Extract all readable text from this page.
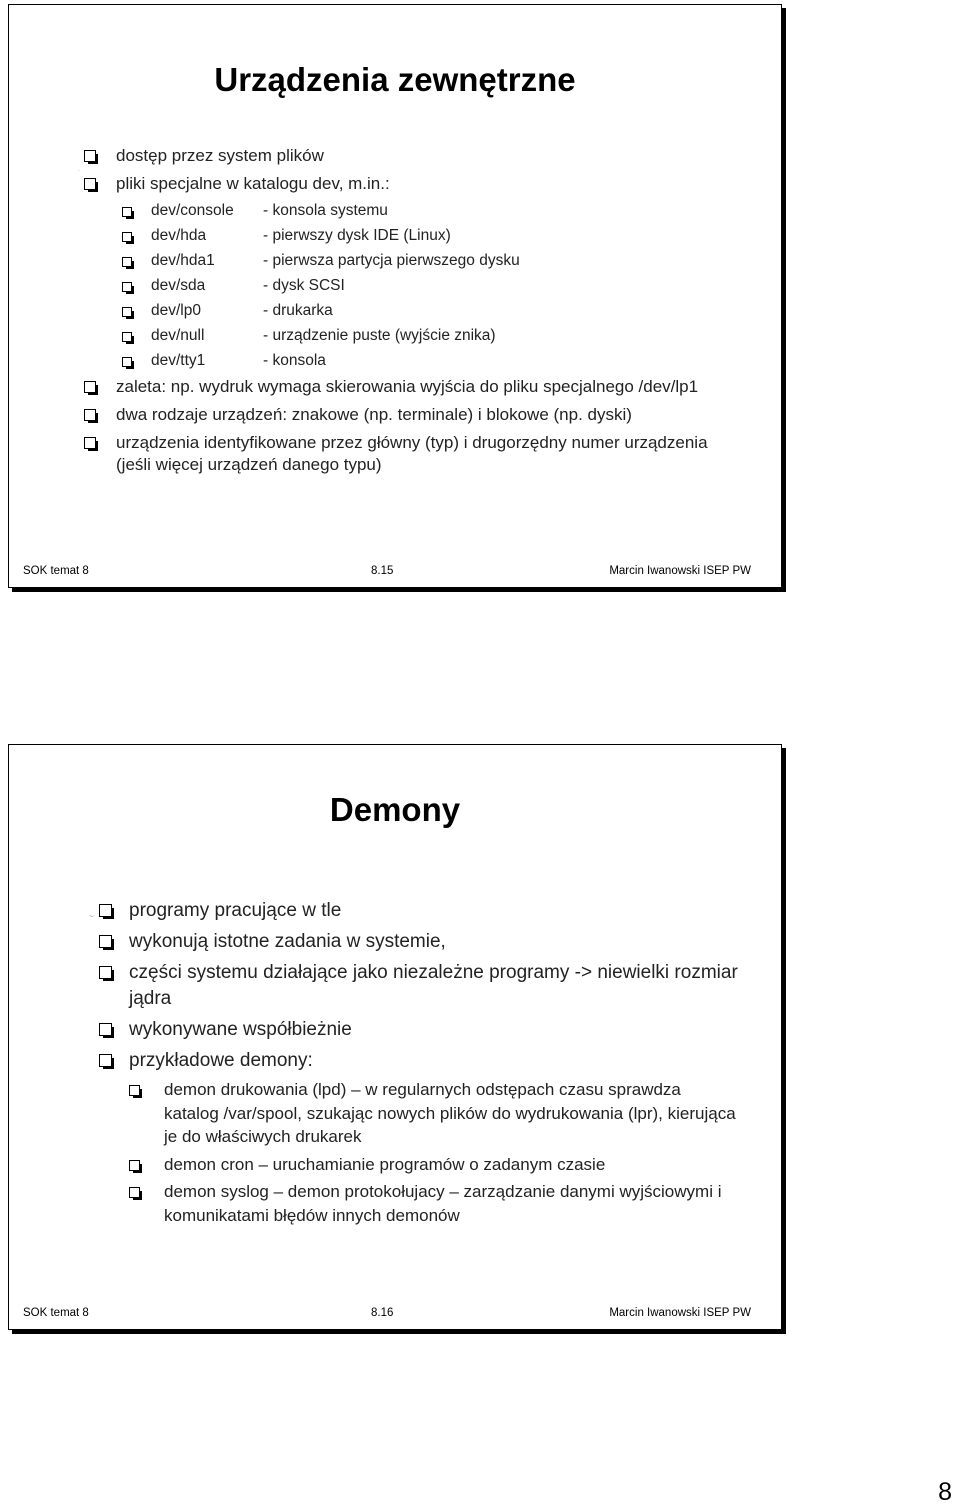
Urządzenia zewnętrzne
.
dostęp przez system plików
pliki specjalne w katalogu dev, m.in.:
dev/console - konsola systemu
dev/hda	- pierwszy dysk IDE (Linux)
dev/hda1	- pierwsza partycja pierwszego dysku
dev/sda	- dysk SCSI
dev/lp0	- drukarka
dev/null	- urządzenie puste (wyjście znika)
dev/tty1	- konsola
zaleta: np. wydruk wymaga skierowania wyjścia do pliku specjalnego /dev/lp1
dwa rodzaje urządzeń: znakowe (np. terminale) i blokowe (np. dyski)
urządzenia identyfikowane przez główny (typ) i drugorzędny numer urządzenia (jeśli więcej urządzeń danego typu)
SOK temat 8	8.15	Marcin Iwanowski ISEP PW
Demony
~ programy pracujące w tle
wykonują istotne zadania w systemie,
części systemu działające jako niezależne programy -> niewielki rozmiar jądra
wykonywane współbieżnie
przykładowe demony:
demon drukowania (lpd) – w regularnych odstępach czasu sprawdza katalog /var/spool, szukając nowych plików do wydrukowania (lpr), kierująca je do właściwych drukarek
demon cron – uruchamianie programów o zadanym czasie
demon syslog – demon protokołujacy – zarządzanie danymi wyjściowymi i komunikatami błędów innych demonów
SOK temat 8	8.16	Marcin Iwanowski ISEP PW
8
